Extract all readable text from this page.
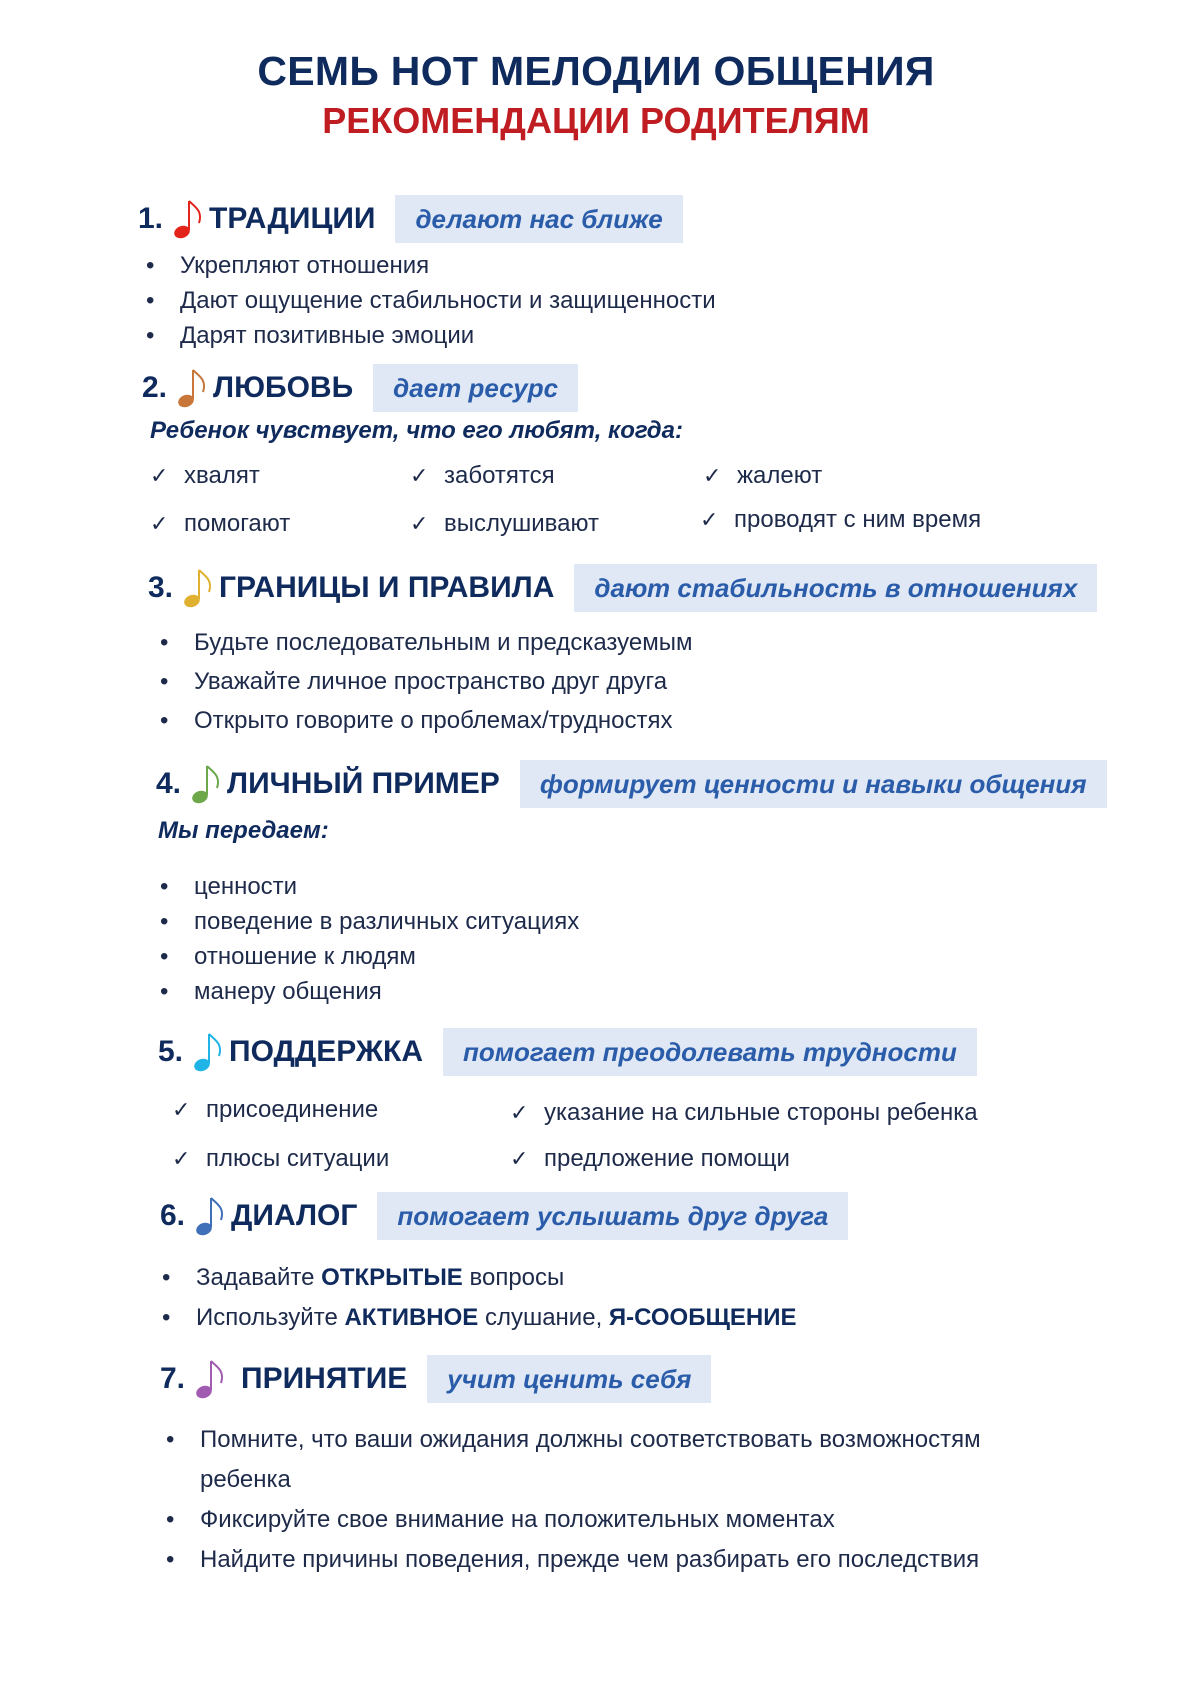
СЕМЬ НОТ МЕЛОДИИ ОБЩЕНИЯ
РЕКОМЕНДАЦИИ РОДИТЕЛЯМ
1. ТРАДИЦИИ	делают нас ближе
• Укрепляют отношения
• Дают ощущение стабильности и защищенности
• Дарят позитивные эмоции
2. ЛЮБОВЬ	дает ресурс
Ребенок чувствует, что его любят, когда:
✓ хвалят	✓ заботятся	✓ жалеют
✓ помогают	✓ выслушивают	✓ проводят с ним время
3. ГРАНИЦЫ И ПРАВИЛА	дают стабильность в отношениях
• Будьте последовательным и предсказуемым
• Уважайте личное пространство друг друга
• Открыто говорите о проблемах/трудностях
4. ЛИЧНЫЙ ПРИМЕР	формирует ценности и навыки общения
Мы передаем:
• ценности
• поведение в различных ситуациях
• отношение к людям
• манеру общения
5. ПОДДЕРЖКА	помогает преодолевать трудности
✓ присоединение	✓ указание на сильные стороны ребенка
✓ плюсы ситуации	✓ предложение помощи
6. ДИАЛОГ	помогает услышать друг друга
• Задавайте ОТКРЫТЫЕ вопросы
• Используйте АКТИВНОЕ слушание, Я-СООБЩЕНИЕ
7. ПРИНЯТИЕ	учит ценить себя
• Помните, что ваши ожидания должны соответствовать возможностям ребенка
• Фиксируйте свое внимание на положительных моментах
• Найдите причины поведения, прежде чем разбирать его последствия
